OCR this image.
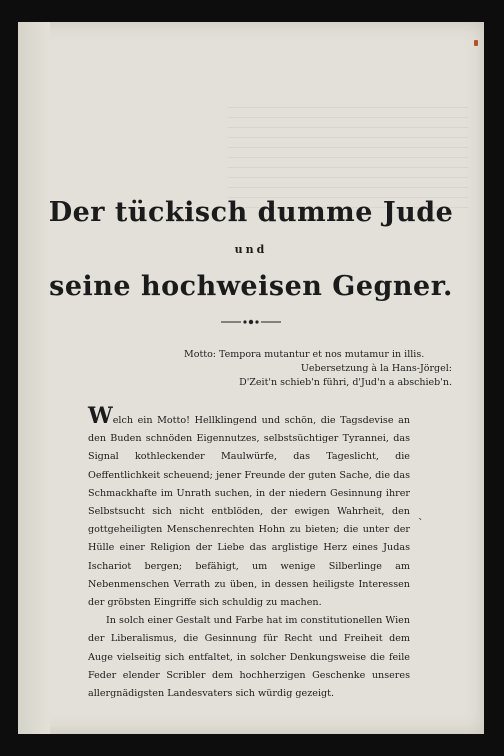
Der tückisch dumme Jude
und
seine hochweisen Gegner.
Motto: Tempora mutantur et nos mutamur in illis.
Uebersetzung à la Hans-Jörgel:
D'Zeit'n schieb'n führi, d'Jud'n a abschieb'n.

Welch ein Motto! Hellklingend und schön, die Tagsdevise an den Buden schnöden Eigennutzes, selbstsüchtiger Tyrannei, das Signal kothleckender Maulwürfe, das Tageslicht, die Oeffentlichkeit scheuend; jener Freunde der guten Sache, die das Schmackhafte im Unrath suchen, in der niedern Gesinnung ihrer Selbstsucht sich nicht entblöden, der ewigen Wahrheit, den gottgeheiligten Menschenrechten Hohn zu bieten; die unter der Hülle einer Religion der Liebe das arglistige Herz eines Judas Ischariot bergen; befähigt, um wenige Silberlinge am Nebenmenschen Verrath zu üben, in dessen heiligste Interessen der gröbsten Eingriffe sich schuldig zu machen.

In solch einer Gestalt und Farbe hat im constitutionellen Wien der Liberalismus, die Gesinnung für Recht und Freiheit dem Auge vielseitig sich entfaltet, in solcher Denkungsweise die feile Feder elender Scribler dem hochherzigen Geschenke unseres allergnädigsten Landesvaters sich würdig gezeigt.

ˋ
